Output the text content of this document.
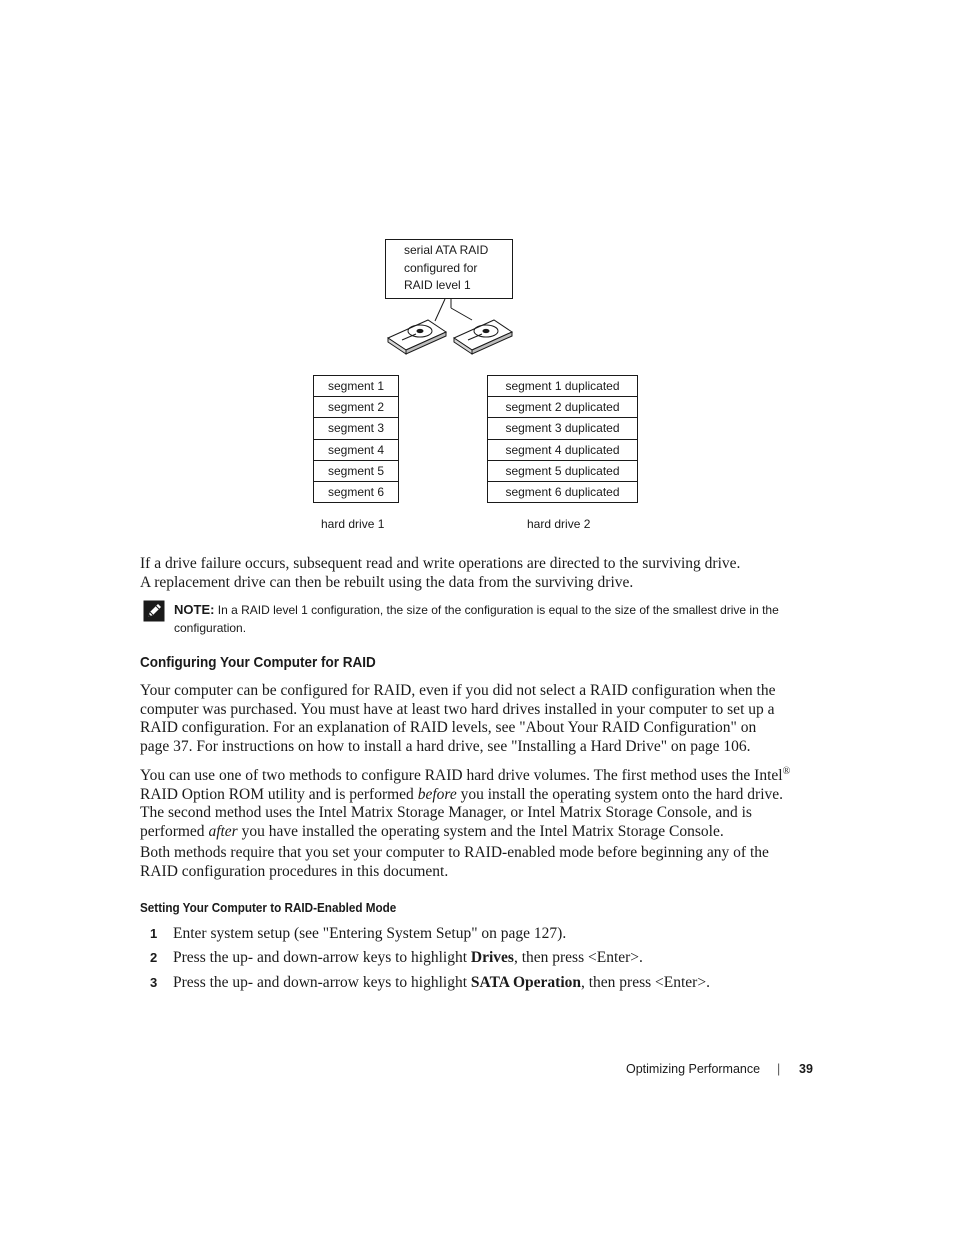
serial ATA RAID
configured for
RAID level 1
segment 1
segment 2
segment 3
segment 4
segment 5
segment 6
segment 1 duplicated
segment 2 duplicated
segment 3 duplicated
segment 4 duplicated
segment 5 duplicated
segment 6 duplicated
hard drive 1	hard drive 2
If a drive failure occurs, subsequent read and write operations are directed to the surviving drive.
A replacement drive can then be rebuilt using the data from the surviving drive.
NOTE: In a RAID level 1 configuration, the size of the configuration is equal to the size of the smallest drive in the
configuration.
Configuring Your Computer for RAID
Your computer can be configured for RAID, even if you did not select a RAID configuration when the
computer was purchased. You must have at least two hard drives installed in your computer to set up a
RAID configuration. For an explanation of RAID levels, see "About Your RAID Configuration" on
page 37. For instructions on how to install a hard drive, see "Installing a Hard Drive" on page 106.
You can use one of two methods to configure RAID hard drive volumes. The first method uses the Intel®
RAID Option ROM utility and is performed before you install the operating system onto the hard drive.
The second method uses the Intel Matrix Storage Manager, or Intel Matrix Storage Console, and is
performed after you have installed the operating system and the Intel Matrix Storage Console.
Both methods require that you set your computer to RAID-enabled mode before beginning any of the
RAID configuration procedures in this document.
Setting Your Computer to RAID-Enabled Mode
1 Enter system setup (see "Entering System Setup" on page 127).
2 Press the up- and down-arrow keys to highlight Drives, then press <Enter>.
3 Press the up- and down-arrow keys to highlight SATA Operation, then press <Enter>.
Optimizing Performance | 39
